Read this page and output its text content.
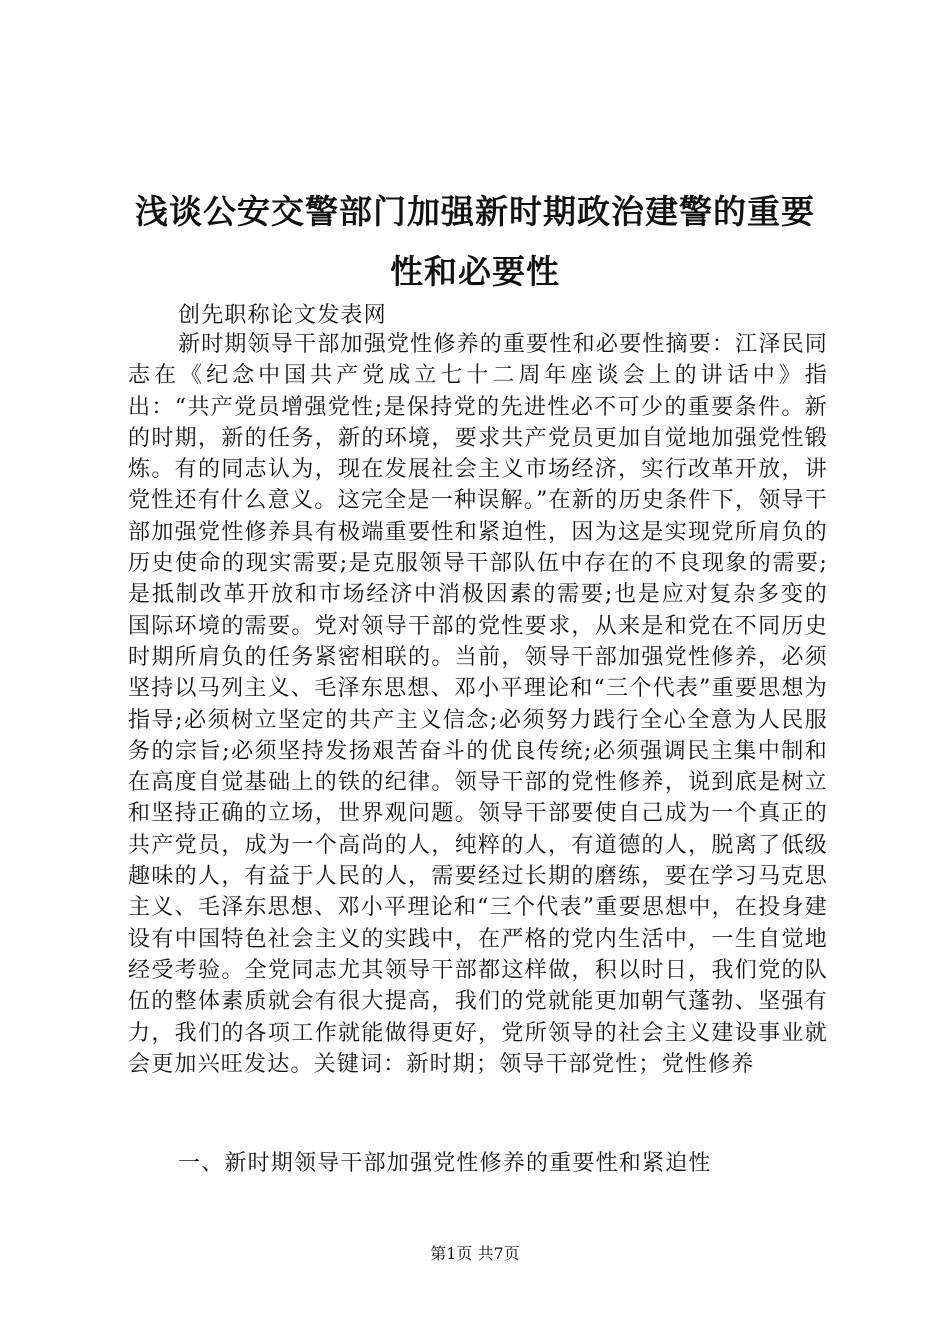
浅谈公安交警部门加强新时期政治建警的重要
性和必要性

创先职称论文发表网

新时期领导干部加强党性修养的重要性和必要性摘要：江泽民同志在《纪念中国共产党成立七十二周年座谈会上的讲话中》指出：“共产党员增强党性;是保持党的先进性必不可少的重要条件。新的时期，新的任务，新的环境，要求共产党员更加自觉地加强党性锻炼。有的同志认为，现在发展社会主义市场经济，实行改革开放，讲党性还有什么意义。这完全是一种误解。”在新的历史条件下，领导干部加强党性修养具有极端重要性和紧迫性，因为这是实现党所肩负的历史使命的现实需要;是克服领导干部队伍中存在的不良现象的需要;是抵制改革开放和市场经济中消极因素的需要;也是应对复杂多变的国际环境的需要。党对领导干部的党性要求，从来是和党在不同历史时期所肩负的任务紧密相联的。当前，领导干部加强党性修养，必须坚持以马列主义、毛泽东思想、邓小平理论和“三个代表”重要思想为指导;必须树立坚定的共产主义信念;必须努力践行全心全意为人民服务的宗旨;必须坚持发扬艰苦奋斗的优良传统;必须强调民主集中制和在高度自觉基础上的铁的纪律。领导干部的党性修养，说到底是树立和坚持正确的立场，世界观问题。领导干部要使自己成为一个真正的共产党员，成为一个高尚的人，纯粹的人，有道德的人，脱离了低级趣味的人，有益于人民的人，需要经过长期的磨练，要在学习马克思主义、毛泽东思想、邓小平理论和“三个代表”重要思想中，在投身建设有中国特色社会主义的实践中，在严格的党内生活中，一生自觉地经受考验。全党同志尤其领导干部都这样做，积以时日，我们党的队伍的整体素质就会有很大提高，我们的党就能更加朝气蓬勃、坚强有力，我们的各项工作就能做得更好，党所领导的社会主义建设事业就会更加兴旺发达。关键词：新时期；领导干部党性；党性修养

一、新时期领导干部加强党性修养的重要性和紧迫性

第1页 共7页
